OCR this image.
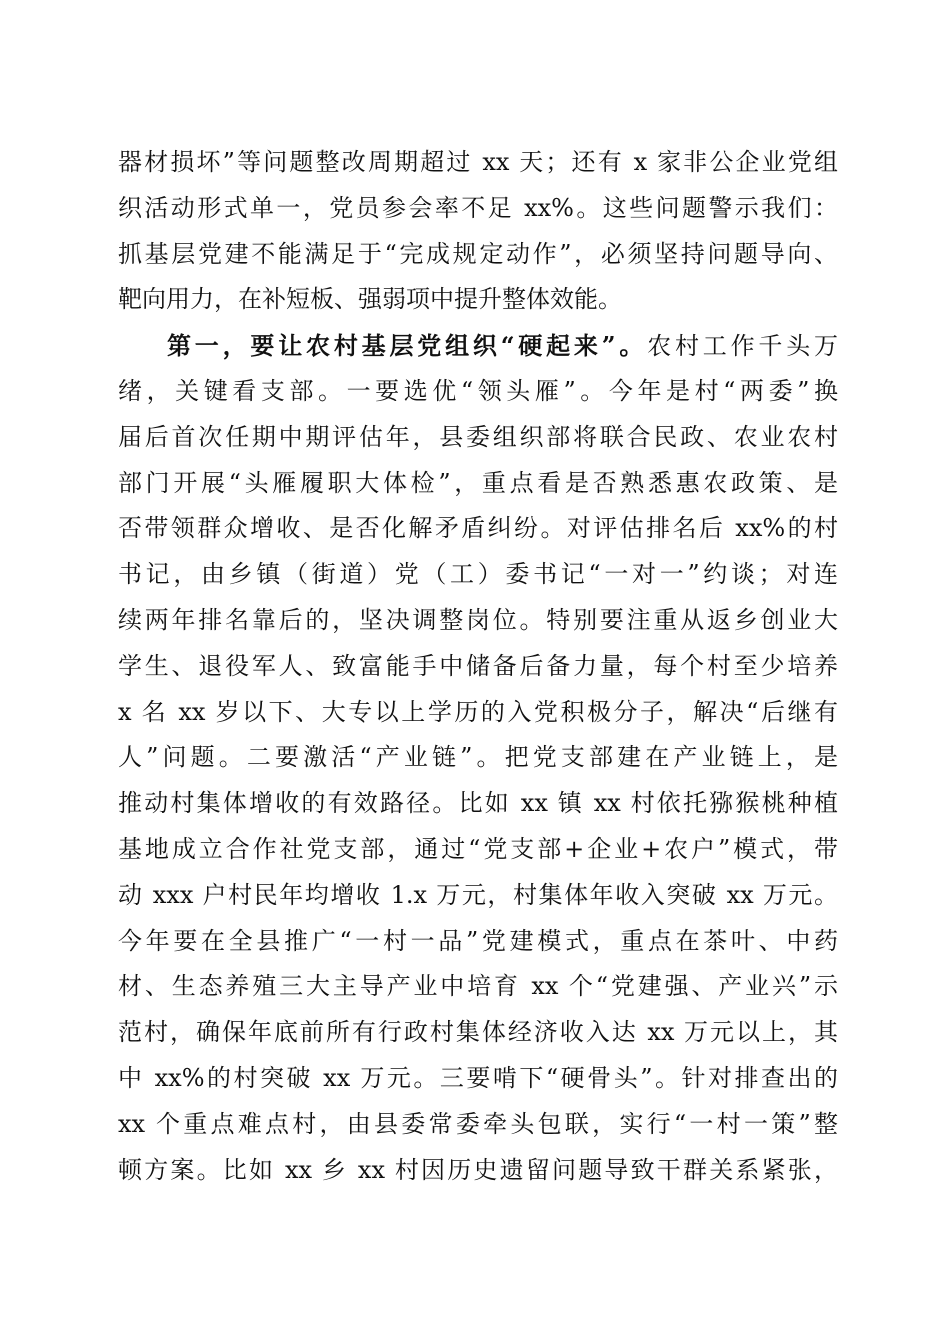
器材损坏”等问题整改周期超过 xx 天；还有 x 家非公企业党组
织活动形式单一，党员参会率不足 xx%。这些问题警示我们：
抓基层党建不能满足于“完成规定动作”，必须坚持问题导向、
靶向用力，在补短板、强弱项中提升整体效能。
第一，要让农村基层党组织“硬起来”。农村工作千头万
绪，关键看支部。一要选优“领头雁”。今年是村“两委”换
届后首次任期中期评估年，县委组织部将联合民政、农业农村
部门开展“头雁履职大体检”，重点看是否熟悉惠农政策、是
否带领群众增收、是否化解矛盾纠纷。对评估排名后 xx%的村
书记，由乡镇（街道）党（工）委书记“一对一”约谈；对连
续两年排名靠后的，坚决调整岗位。特别要注重从返乡创业大
学生、退役军人、致富能手中储备后备力量，每个村至少培养
x 名 xx 岁以下、大专以上学历的入党积极分子，解决“后继有
人”问题。二要激活“产业链”。把党支部建在产业链上，是
推动村集体增收的有效路径。比如 xx 镇 xx 村依托猕猴桃种植
基地成立合作社党支部，通过“党支部+企业+农户”模式，带
动 xxx 户村民年均增收 1.x 万元，村集体年收入突破 xx 万元。
今年要在全县推广“一村一品”党建模式，重点在茶叶、中药
材、生态养殖三大主导产业中培育 xx 个“党建强、产业兴”示
范村，确保年底前所有行政村集体经济收入达 xx 万元以上，其
中 xx%的村突破 xx 万元。三要啃下“硬骨头”。针对排查出的
xx 个重点难点村，由县委常委牵头包联，实行“一村一策”整
顿方案。比如 xx 乡 xx 村因历史遗留问题导致干群关系紧张，
